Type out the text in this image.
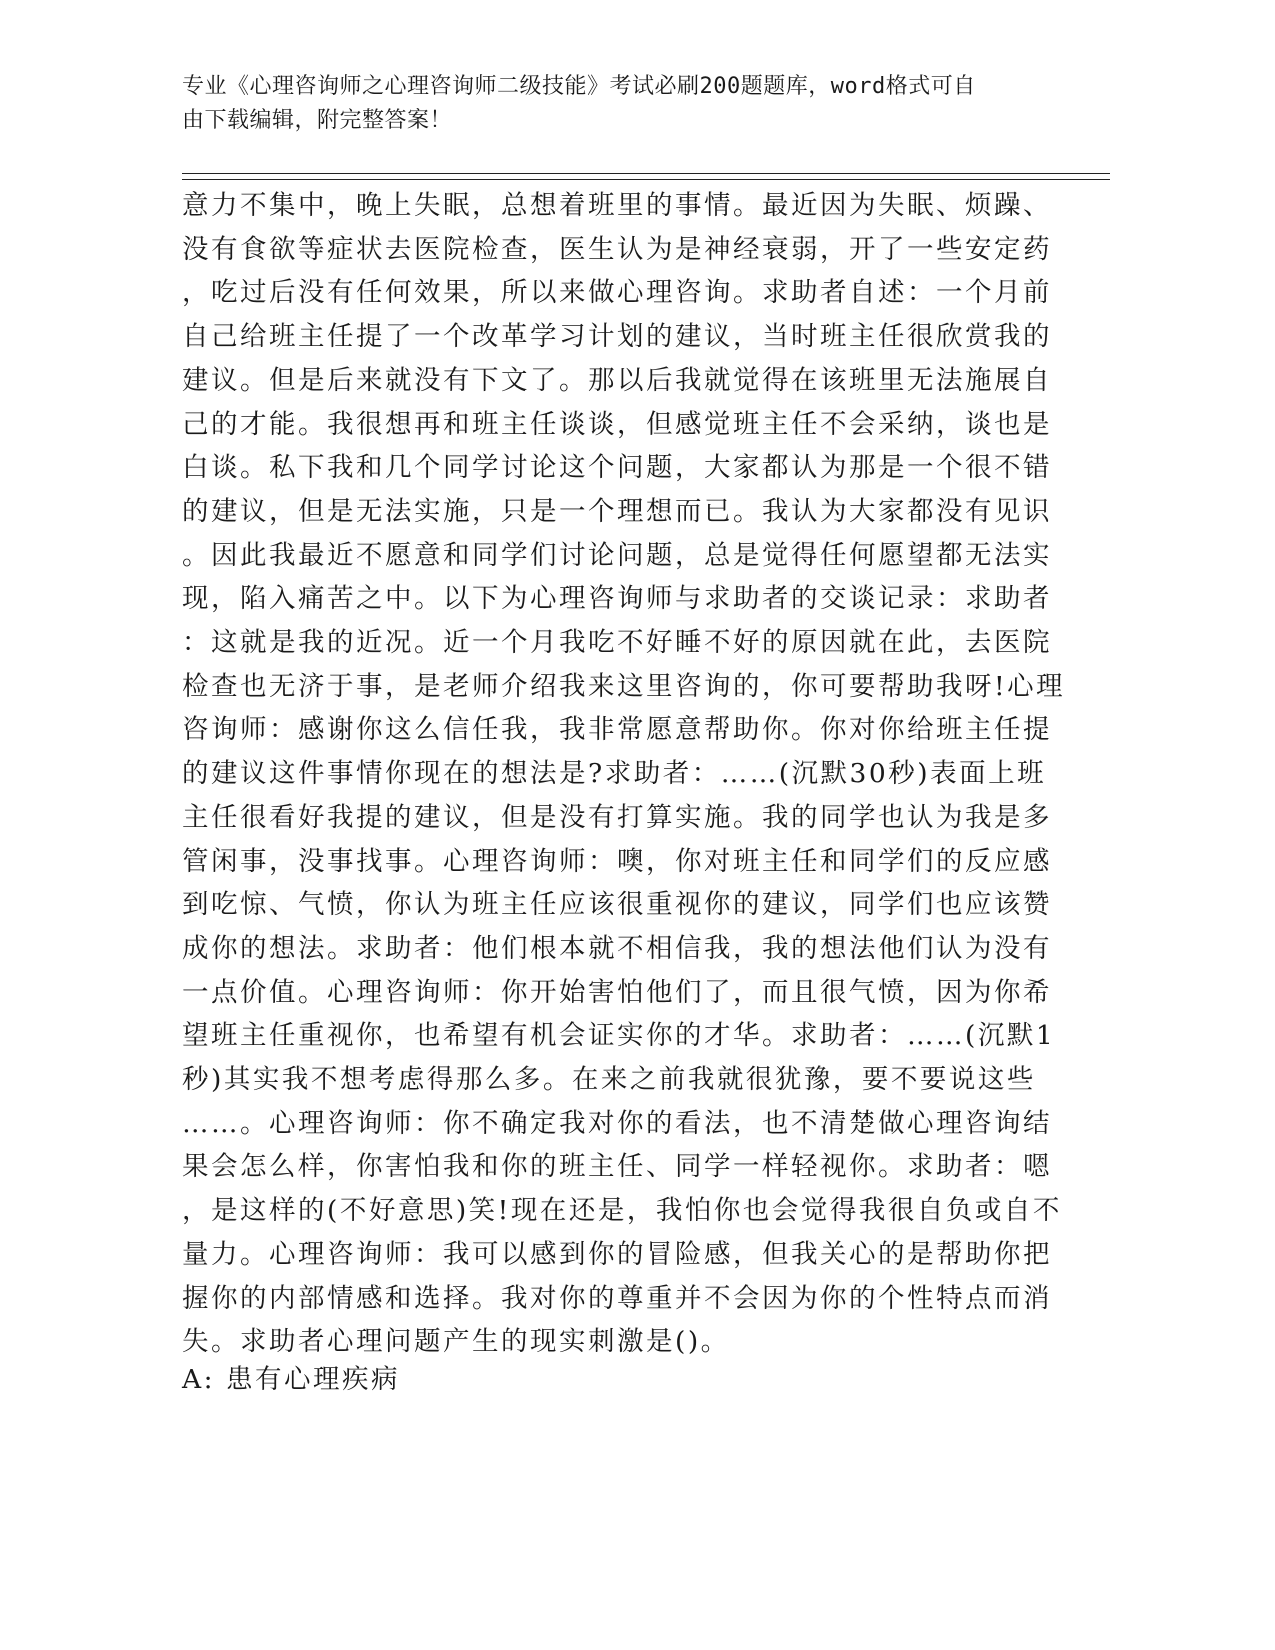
专业《心理咨询师之心理咨询师二级技能》考试必刷200题题库，word格式可自
由下载编辑，附完整答案！
意力不集中，晚上失眠，总想着班里的事情。最近因为失眠、烦躁、
没有食欲等症状去医院检查，医生认为是神经衰弱，开了一些安定药
，吃过后没有任何效果，所以来做心理咨询。求助者自述：一个月前
自己给班主任提了一个改革学习计划的建议，当时班主任很欣赏我的
建议。但是后来就没有下文了。那以后我就觉得在该班里无法施展自
己的才能。我很想再和班主任谈谈，但感觉班主任不会采纳，谈也是
白谈。私下我和几个同学讨论这个问题，大家都认为那是一个很不错
的建议，但是无法实施，只是一个理想而已。我认为大家都没有见识
。因此我最近不愿意和同学们讨论问题，总是觉得任何愿望都无法实
现，陷入痛苦之中。以下为心理咨询师与求助者的交谈记录：求助者
：这就是我的近况。近一个月我吃不好睡不好的原因就在此，去医院
检查也无济于事，是老师介绍我来这里咨询的，你可要帮助我呀!心理
咨询师：感谢你这么信任我，我非常愿意帮助你。你对你给班主任提
的建议这件事情你现在的想法是?求助者：……(沉默30秒)表面上班
主任很看好我提的建议，但是没有打算实施。我的同学也认为我是多
管闲事，没事找事。心理咨询师：噢，你对班主任和同学们的反应感
到吃惊、气愤，你认为班主任应该很重视你的建议，同学们也应该赞
成你的想法。求助者：他们根本就不相信我，我的想法他们认为没有
一点价值。心理咨询师：你开始害怕他们了，而且很气愤，因为你希
望班主任重视你，也希望有机会证实你的才华。求助者：……(沉默1
秒)其实我不想考虑得那么多。在来之前我就很犹豫，要不要说这些
……。心理咨询师：你不确定我对你的看法，也不清楚做心理咨询结
果会怎么样，你害怕我和你的班主任、同学一样轻视你。求助者：嗯
，是这样的(不好意思)笑!现在还是，我怕你也会觉得我很自负或自不
量力。心理咨询师：我可以感到你的冒险感，但我关心的是帮助你把
握你的内部情感和选择。我对你的尊重并不会因为你的个性特点而消
失。求助者心理问题产生的现实刺激是()。
A: 患有心理疾病
